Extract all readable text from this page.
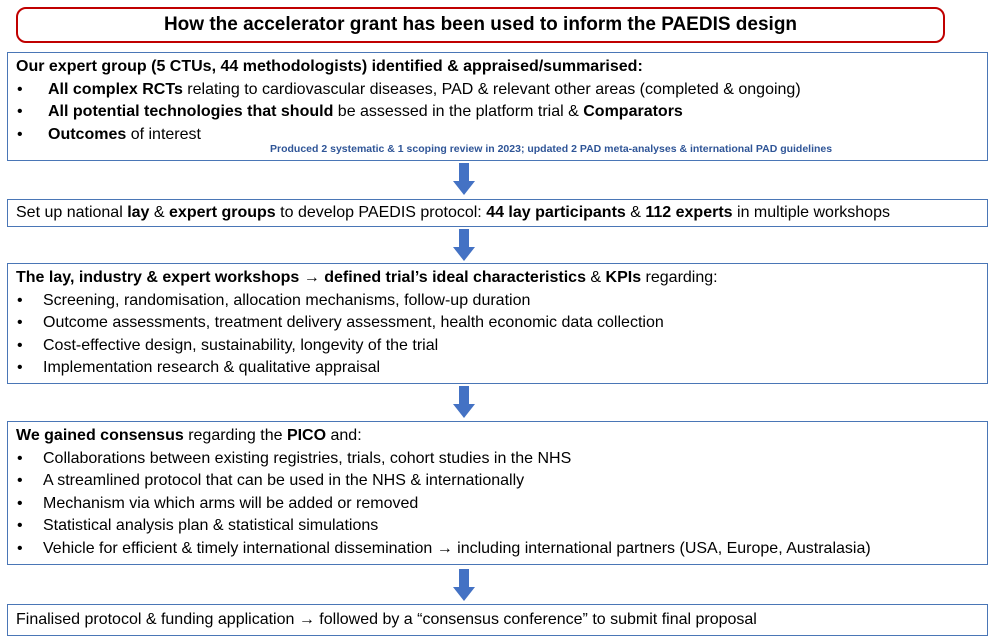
How the accelerator grant has been used to inform the PAEDIS design
Our expert group (5 CTUs, 44 methodologists) identified & appraised/summarised:
• All complex RCTs relating to cardiovascular diseases, PAD & relevant other areas (completed & ongoing)
• All potential technologies that should be assessed in the platform trial & Comparators
• Outcomes of interest
Produced 2 systematic & 1 scoping review in 2023; updated 2 PAD meta-analyses & international PAD guidelines
Set up national lay & expert groups to develop PAEDIS protocol: 44 lay participants & 112 experts in multiple workshops
The lay, industry & expert workshops → defined trial’s ideal characteristics & KPIs regarding:
• Screening, randomisation, allocation mechanisms, follow-up duration
• Outcome assessments, treatment delivery assessment, health economic data collection
• Cost-effective design, sustainability, longevity of the trial
• Implementation research & qualitative appraisal
We gained consensus regarding the PICO and:
• Collaborations between existing registries, trials, cohort studies in the NHS
• A streamlined protocol that can be used in the NHS & internationally
• Mechanism via which arms will be added or removed
• Statistical analysis plan & statistical simulations
• Vehicle for efficient & timely international dissemination → including international partners (USA, Europe, Australasia)
Finalised protocol & funding application → followed by a “consensus conference” to submit final proposal
